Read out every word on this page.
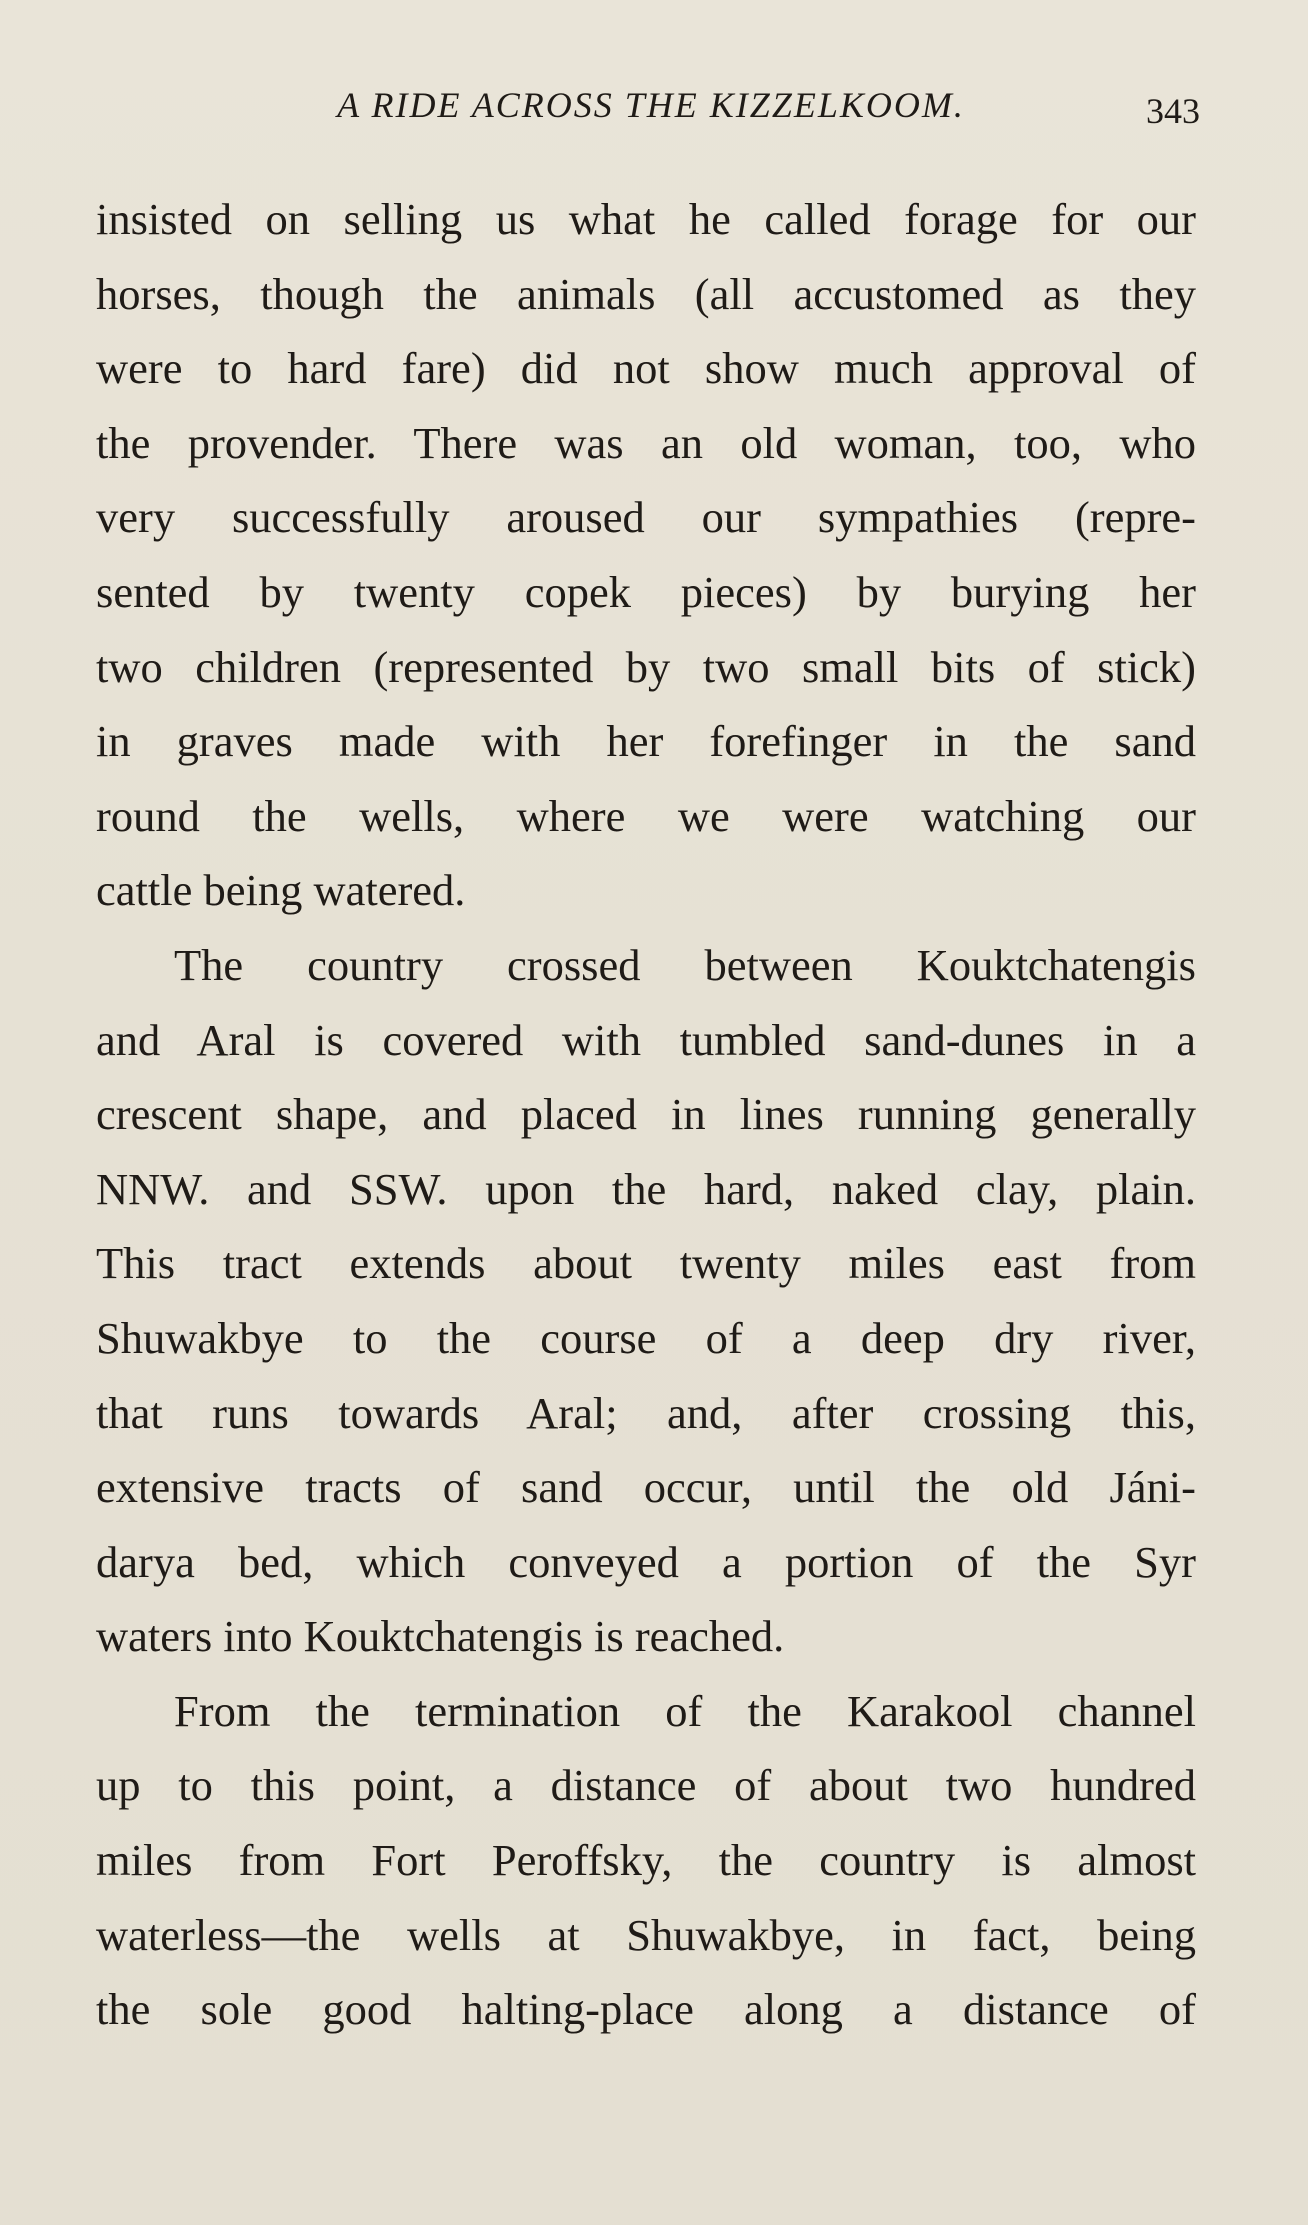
A RIDE ACROSS THE KIZZELKOOM.	343
insisted on selling us what he called forage for our
horses, though the animals (all accustomed as they
were to hard fare) did not show much approval of
the provender. There was an old woman, too, who
very successfully aroused our sympathies (repre-
sented by twenty copek pieces) by burying her
two children (represented by two small bits of stick)
in graves made with her forefinger in the sand
round the wells, where we were watching our
cattle being watered.
The country crossed between Kouktchatengis
and Aral is covered with tumbled sand-dunes in a
crescent shape, and placed in lines running generally
NNW. and SSW. upon the hard, naked clay, plain.
This tract extends about twenty miles east from
Shuwakbye to the course of a deep dry river,
that runs towards Aral; and, after crossing this,
extensive tracts of sand occur, until the old Jáni-
darya bed, which conveyed a portion of the Syr
waters into Kouktchatengis is reached.
From the termination of the Karakool channel
up to this point, a distance of about two hundred
miles from Fort Peroffsky, the country is almost
waterless—the wells at Shuwakbye, in fact, being
the sole good halting-place along a distance of
